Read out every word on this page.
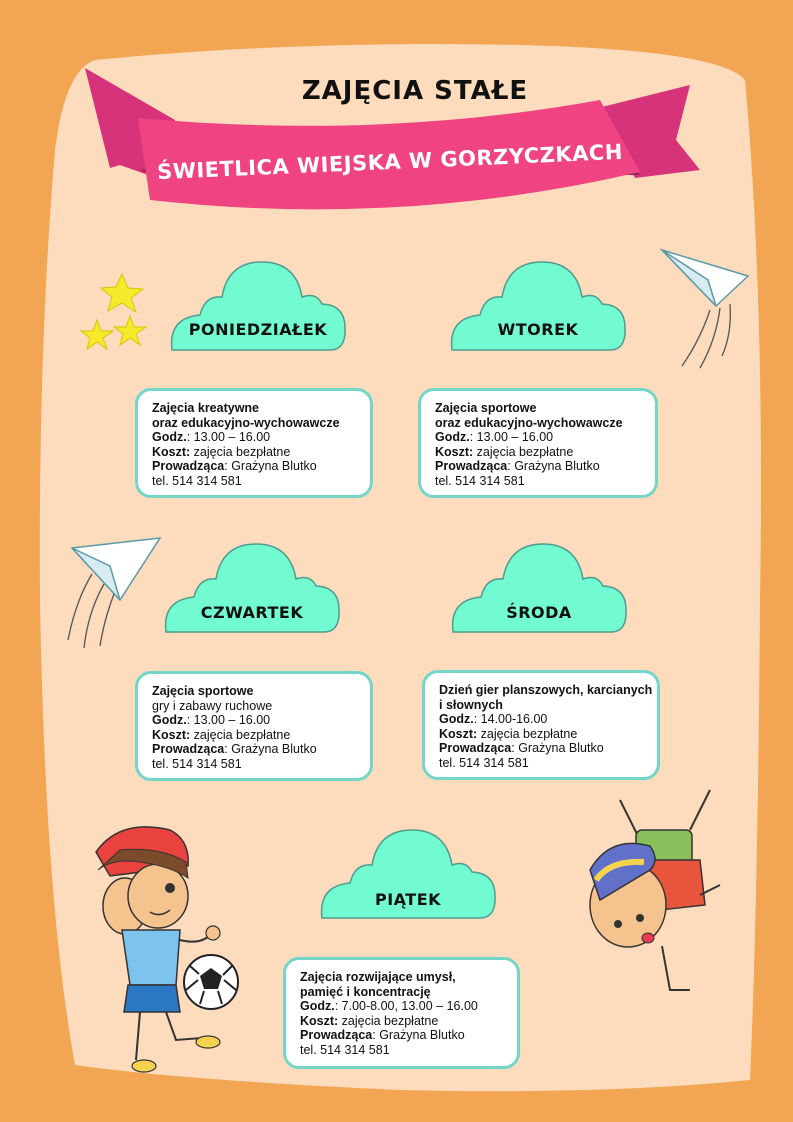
ZAJĘCIA STAŁE
ŚWIETLICA WIEJSKA W GORZYCZKACH
PONIEDZIAŁEK	WTOREK
CZWARTEK	ŚRODA
PIĄTEK
Zajęcia kreatywne
oraz edukacyjno-wychowawcze
Godz.: 13.00 – 16.00
Koszt: zajęcia bezpłatne
Prowadząca: Grażyna Blutko
tel. 514 314 581
Zajęcia sportowe
oraz edukacyjno-wychowawcze
Godz.: 13.00 – 16.00
Koszt: zajęcia bezpłatne
Prowadząca: Grażyna Blutko
tel. 514 314 581
Zajęcia sportowe
gry i zabawy ruchowe
Godz.: 13.00 – 16.00
Koszt: zajęcia bezpłatne
Prowadząca: Grażyna Blutko
tel. 514 314 581
Dzień gier planszowych, karcianych
i słownych
Godz.: 14.00-16.00
Koszt: zajęcia bezpłatne
Prowadząca: Grażyna Blutko
tel. 514 314 581
Zajęcia rozwijające umysł,
pamięć i koncentrację
Godz.: 7.00-8.00, 13.00 – 16.00
Koszt: zajęcia bezpłatne
Prowadząca: Grażyna Blutko
tel. 514 314 581
